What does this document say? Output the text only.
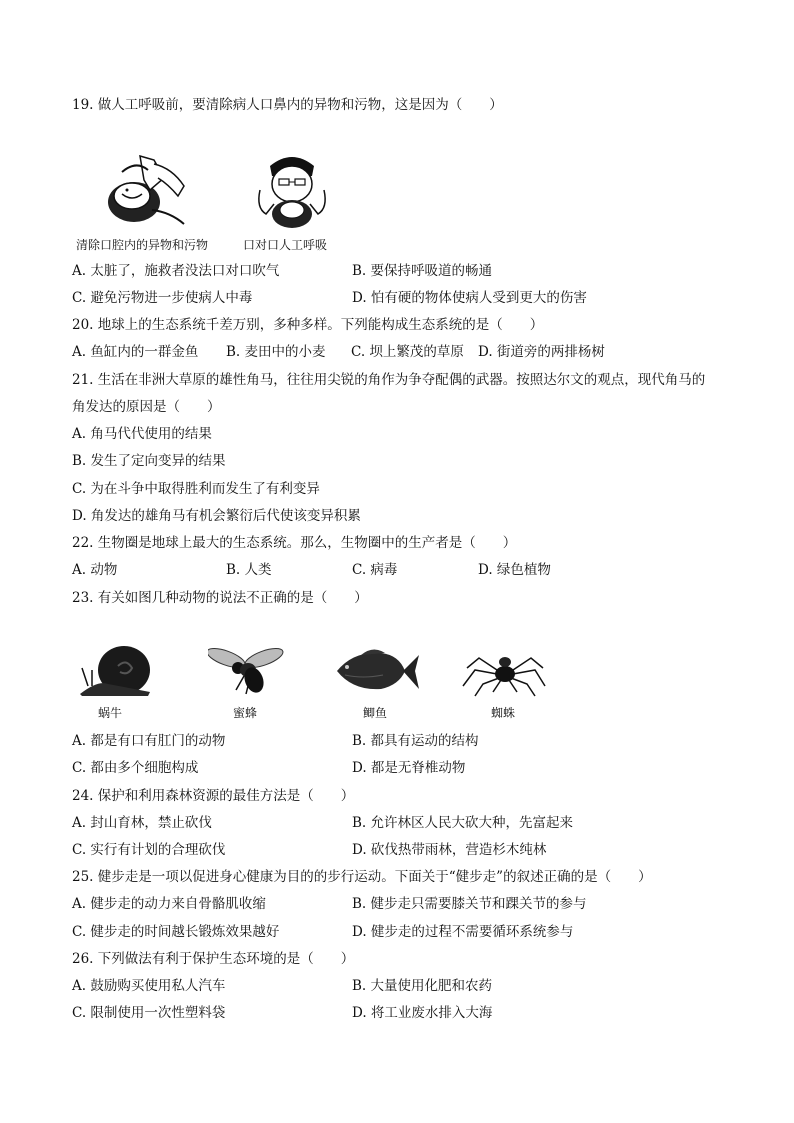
19. 做人工呼吸前，要清除病人口鼻内的异物和污物，这是因为（　　）
清除口腔内的异物和污物	口对口人工呼吸
A. 太脏了，施救者没法口对口吹气	B. 要保持呼吸道的畅通
C. 避免污物进一步使病人中毒	D. 怕有硬的物体使病人受到更大的伤害
20. 地球上的生态系统千差万别，多种多样。下列能构成生态系统的是（　　）
A. 鱼缸内的一群金鱼 B. 麦田中的小麦 C. 坝上繁茂的草原 D. 街道旁的两排杨树
21. 生活在非洲大草原的雄性角马，往往用尖锐的角作为争夺配偶的武器。按照达尔文的观点，现代角马的
角发达的原因是（　　）
A. 角马代代使用的结果
B. 发生了定向变异的结果
C. 为在斗争中取得胜利而发生了有利变异
D. 角发达的雄角马有机会繁衍后代使该变异积累
22. 生物圈是地球上最大的生态系统。那么，生物圈中的生产者是（　　）
A. 动物	B. 人类	C. 病毒	D. 绿色植物
23. 有关如图几种动物的说法不正确的是（　　）
蜗牛	蜜蜂	鲫鱼	蜘蛛
A. 都是有口有肛门的动物	B. 都具有运动的结构
C. 都由多个细胞构成	D. 都是无脊椎动物
24. 保护和利用森林资源的最佳方法是（　　）
A. 封山育林，禁止砍伐	B. 允许林区人民大砍大种，先富起来
C. 实行有计划的合理砍伐	D. 砍伐热带雨林，营造杉木纯林
25. 健步走是一项以促进身心健康为目的的步行运动。下面关于“健步走”的叙述正确的是（　　）
A. 健步走的动力来自骨骼肌收缩	B. 健步走只需要膝关节和踝关节的参与
C. 健步走的时间越长锻炼效果越好	D. 健步走的过程不需要循环系统参与
26. 下列做法有利于保护生态环境的是（　　）
A. 鼓励购买使用私人汽车	B. 大量使用化肥和农药
C. 限制使用一次性塑料袋	D. 将工业废水排入大海
